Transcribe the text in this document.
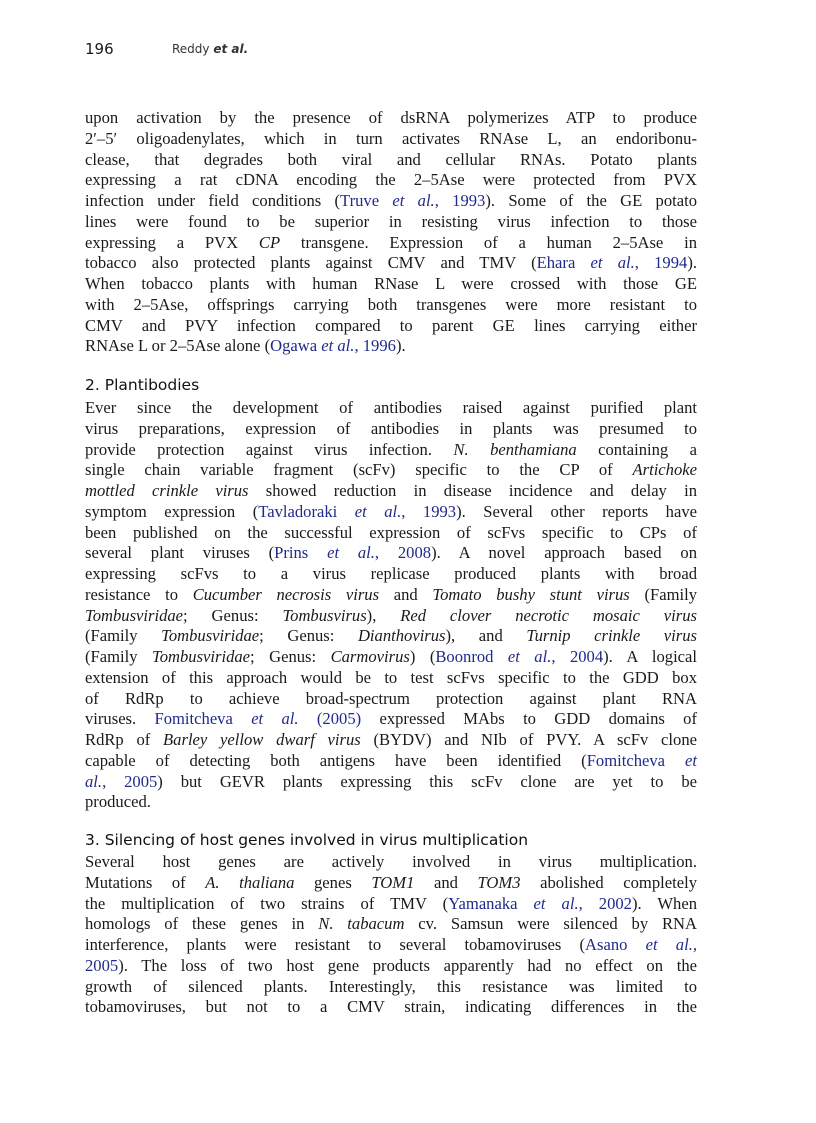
196	Reddy et al.
upon activation by the presence of dsRNA polymerizes ATP to produce
2′–5′ oligoadenylates, which in turn activates RNAse L, an endoribonu-
clease, that degrades both viral and cellular RNAs. Potato plants
expressing a rat cDNA encoding the 2–5Ase were protected from PVX
infection under field conditions (Truve et al., 1993). Some of the GE potato
lines were found to be superior in resisting virus infection to those
expressing a PVX CP transgene. Expression of a human 2–5Ase in
tobacco also protected plants against CMV and TMV (Ehara et al., 1994).
When tobacco plants with human RNase L were crossed with those GE
with 2–5Ase, offsprings carrying both transgenes were more resistant to
CMV and PVY infection compared to parent GE lines carrying either
RNAse L or 2–5Ase alone (Ogawa et al., 1996).
2. Plantibodies
Ever since the development of antibodies raised against purified plant
virus preparations, expression of antibodies in plants was presumed to
provide protection against virus infection. N. benthamiana containing a
single chain variable fragment (scFv) specific to the CP of Artichoke
mottled crinkle virus showed reduction in disease incidence and delay in
symptom expression (Tavladoraki et al., 1993). Several other reports have
been published on the successful expression of scFvs specific to CPs of
several plant viruses (Prins et al., 2008). A novel approach based on
expressing scFvs to a virus replicase produced plants with broad
resistance to Cucumber necrosis virus and Tomato bushy stunt virus (Family
Tombusviridae; Genus: Tombusvirus), Red clover necrotic mosaic virus
(Family Tombusviridae; Genus: Dianthovirus), and Turnip crinkle virus
(Family Tombusviridae; Genus: Carmovirus) (Boonrod et al., 2004). A logical
extension of this approach would be to test scFvs specific to the GDD box
of RdRp to achieve broad-spectrum protection against plant RNA
viruses. Fomitcheva et al. (2005) expressed MAbs to GDD domains of
RdRp of Barley yellow dwarf virus (BYDV) and NIb of PVY. A scFv clone
capable of detecting both antigens have been identified (Fomitcheva et
al., 2005) but GEVR plants expressing this scFv clone are yet to be
produced.
3. Silencing of host genes involved in virus multiplication
Several host genes are actively involved in virus multiplication.
Mutations of A. thaliana genes TOM1 and TOM3 abolished completely
the multiplication of two strains of TMV (Yamanaka et al., 2002). When
homologs of these genes in N. tabacum cv. Samsun were silenced by RNA
interference, plants were resistant to several tobamoviruses (Asano et al.,
2005). The loss of two host gene products apparently had no effect on the
growth of silenced plants. Interestingly, this resistance was limited to
tobamoviruses, but not to a CMV strain, indicating differences in the
